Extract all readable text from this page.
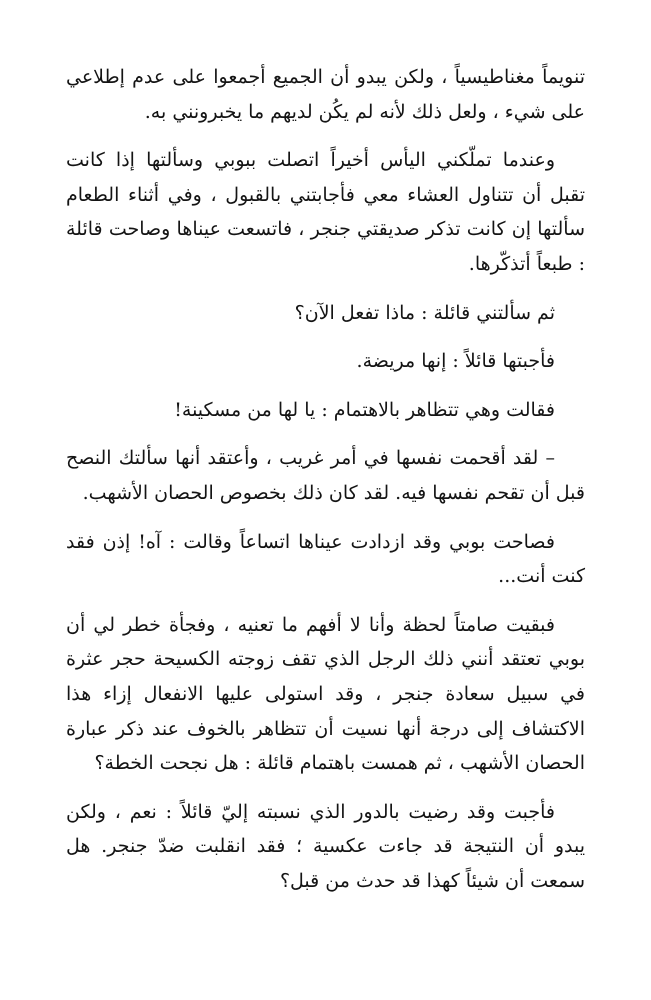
تنويماً مغناطيسياً ، ولكن يبدو أن الجميع أجمعوا على عدم إطلاعي على شيء ، ولعل ذلك لأنه لم يكُن لديهم ما يخبرونني به.

وعندما تملّكني اليأس أخيراً اتصلت ببوبي وسألتها إذا كانت تقبل أن تتناول العشاء معي فأجابتني بالقبول ، وفي أثناء الطعام سألتها إن كانت تذكر صديقتي جنجر ، فاتسعت عيناها وصاحت قائلة : طبعاً أتذكّرها.

ثم سألتني قائلة : ماذا تفعل الآن؟

فأجبتها قائلاً : إنها مريضة.

فقالت وهي تتظاهر بالاهتمام : يا لها من مسكينة!

– لقد أقحمت نفسها في أمر غريب ، وأعتقد أنها سألتك النصح قبل أن تقحم نفسها فيه. لقد كان ذلك بخصوص الحصان الأشهب.

فصاحت بوبي وقد ازدادت عيناها اتساعاً وقالت : آه! إذن فقد كنت أنت...

فبقيت صامتاً لحظة وأنا لا أفهم ما تعنيه ، وفجأة خطر لي أن بوبي تعتقد أنني ذلك الرجل الذي تقف زوجته الكسيحة حجر عثرة في سبيل سعادة جنجر ، وقد استولى عليها الانفعال إزاء هذا الاكتشاف إلى درجة أنها نسيت أن تتظاهر بالخوف عند ذكر عبارة الحصان الأشهب ، ثم همست باهتمام قائلة : هل نجحت الخطة؟

فأجبت وقد رضيت بالدور الذي نسبته إليّ قائلاً : نعم ، ولكن يبدو أن النتيجة قد جاءت عكسية ؛ فقد انقلبت ضدّ جنجر. هل سمعت أن شيئاً كهذا قد حدث من قبل؟
